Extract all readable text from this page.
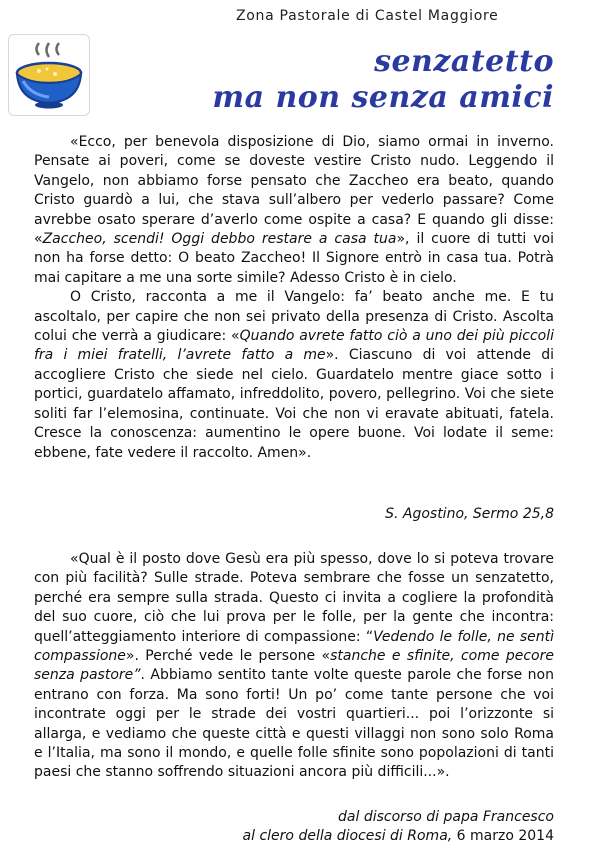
Zona Pastorale di Castel Maggiore
senzatetto
ma non senza amici
«Ecco, per benevola disposizione di Dio, siamo ormai in inverno. Pensate ai poveri, come se doveste vestire Cristo nudo. Leggendo il Vangelo, non abbiamo forse pensato che Zaccheo era beato, quando Cristo guardò a lui, che stava sull’albero per vederlo passare? Come avrebbe osato sperare d’averlo come ospite a casa? E quando gli disse: «Zaccheo, scendi! Oggi debbo restare a casa tua», il cuore di tutti voi non ha forse detto: O beato Zaccheo! Il Signore entrò in casa tua. Potrà mai capitare a me una sorte simile? Adesso Cristo è in cielo.
O Cristo, racconta a me il Vangelo: fa’ beato anche me. E tu ascoltalo, per capire che non sei privato della presenza di Cristo. Ascolta colui che verrà a giudicare: «Quando avrete fatto ciò a uno dei più piccoli fra i miei fratelli, l’avrete fatto a me». Ciascuno di voi attende di accogliere Cristo che siede nel cielo. Guardatelo mentre giace sotto i portici, guardatelo affamato, infreddolito, povero, pellegrino. Voi che siete soliti far l’elemosina, continuate. Voi che non vi eravate abituati, fatela. Cresce la conoscenza: aumentino le opere buone. Voi lodate il seme: ebbene, fate vedere il raccolto. Amen».
S. Agostino, Sermo 25,8
«Qual è il posto dove Gesù era più spesso, dove lo si poteva trovare con più facilità? Sulle strade. Poteva sembrare che fosse un senzatetto, perché era sempre sulla strada. Questo ci invita a cogliere la profondità del suo cuore, ciò che lui prova per le folle, per la gente che incontra: quell’atteggiamento interiore di compassione: “Vedendo le folle, ne sentì compassione». Perché vede le persone «stanche e sfinite, come pecore senza pastore”. Abbiamo sentito tante volte queste parole che forse non entrano con forza. Ma sono forti! Un po’ come tante persone che voi incontrate oggi per le strade dei vostri quartieri... poi l’orizzonte si allarga, e vediamo che queste città e questi villaggi non sono solo Roma e l’Italia, ma sono il mondo, e quelle folle sfinite sono popolazioni di tanti paesi che stanno soffrendo situazioni ancora più difficili...».
dal discorso di papa Francesco
al clero della diocesi di Roma, 6 marzo 2014
